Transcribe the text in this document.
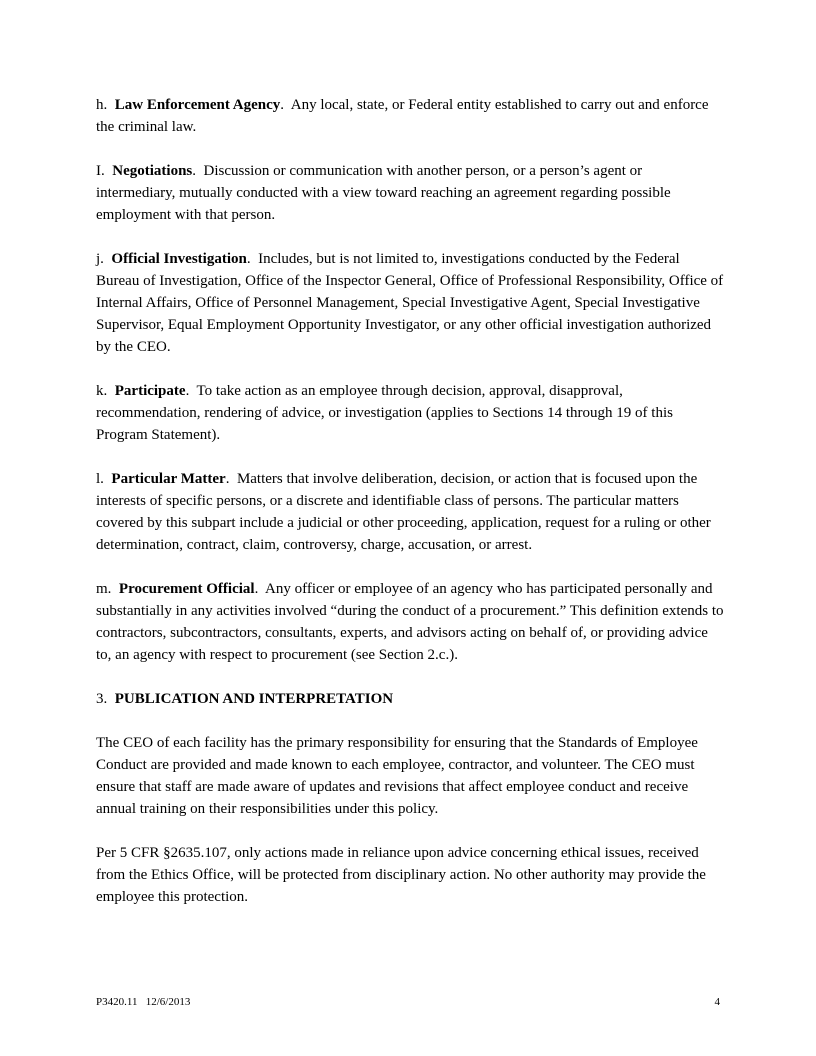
h. Law Enforcement Agency.  Any local, state, or Federal entity established to carry out and enforce the criminal law.

I. Negotiations.  Discussion or communication with another person, or a person’s agent or intermediary, mutually conducted with a view toward reaching an agreement regarding possible employment with that person.

j. Official Investigation.  Includes, but is not limited to, investigations conducted by the Federal Bureau of Investigation, Office of the Inspector General, Office of Professional Responsibility, Office of Internal Affairs, Office of Personnel Management, Special Investigative Agent, Special Investigative Supervisor, Equal Employment Opportunity Investigator, or any other official investigation authorized by the CEO.

k. Participate.  To take action as an employee through decision, approval, disapproval, recommendation, rendering of advice, or investigation (applies to Sections 14 through 19 of this Program Statement).

l. Particular Matter.  Matters that involve deliberation, decision, or action that is focused upon the interests of specific persons, or a discrete and identifiable class of persons. The particular matters covered by this subpart include a judicial or other proceeding, application, request for a ruling or other determination, contract, claim, controversy, charge, accusation, or arrest.

m. Procurement Official.  Any officer or employee of an agency who has participated personally and substantially in any activities involved “during the conduct of a procurement.” This definition extends to contractors, subcontractors, consultants, experts, and advisors acting on behalf of, or providing advice to, an agency with respect to procurement (see Section 2.c.).

3. PUBLICATION AND INTERPRETATION

The CEO of each facility has the primary responsibility for ensuring that the Standards of Employee Conduct are provided and made known to each employee, contractor, and volunteer. The CEO must ensure that staff are made aware of updates and revisions that affect employee conduct and receive annual training on their responsibilities under this policy.

Per 5 CFR §2635.107, only actions made in reliance upon advice concerning ethical issues, received from the Ethics Office, will be protected from disciplinary action. No other authority may provide the employee this protection.

P3420.11   12/6/2013	4
